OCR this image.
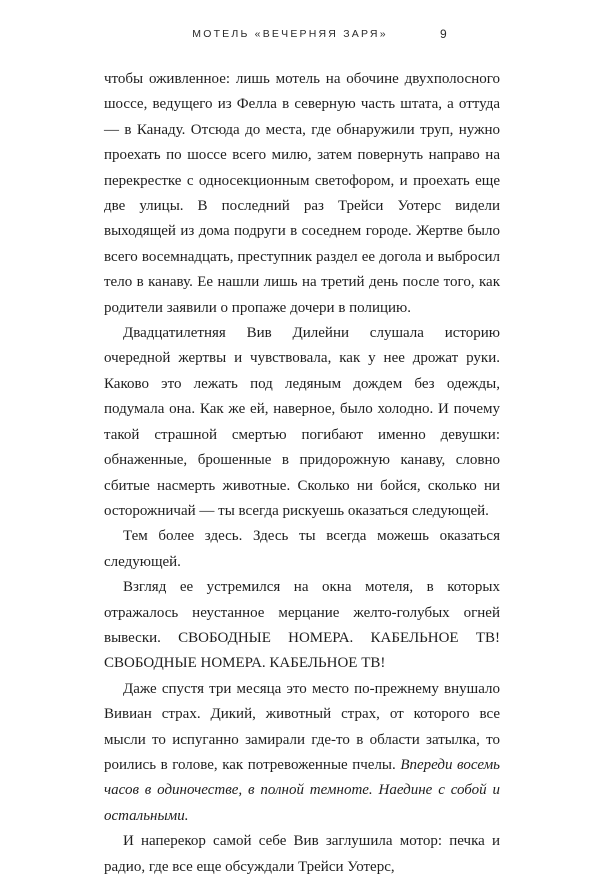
МОТЕЛЬ «ВЕЧЕРНЯЯ ЗАРЯ»	9

чтобы оживленное: лишь мотель на обочине двухполосного шоссе, ведущего из Фелла в северную часть штата, а оттуда — в Канаду. Отсюда до места, где обнаружили труп, нужно проехать по шоссе всего милю, затем повернуть направо на перекрестке с односекционным светофором, и проехать еще две улицы. В последний раз Трейси Уотерс видели выходящей из дома подруги в соседнем городе. Жертве было всего восемнадцать, преступник раздел ее догола и выбросил тело в канаву. Ее нашли лишь на третий день после того, как родители заявили о пропаже дочери в полицию.

Двадцатилетняя Вив Дилейни слушала историю очередной жертвы и чувствовала, как у нее дрожат руки. Каково это лежать под ледяным дождем без одежды, подумала она. Как же ей, наверное, было холодно. И почему такой страшной смертью погибают именно девушки: обнаженные, брошенные в придорожную канаву, словно сбитые насмерть животные. Сколько ни бойся, сколько ни осторожничай — ты всегда рискуешь оказаться следующей.

Тем более здесь. Здесь ты всегда можешь оказаться следующей.

Взгляд ее устремился на окна мотеля, в которых отражалось неустанное мерцание желто-голубых огней вывески. СВОБОДНЫЕ НОМЕРА. КАБЕЛЬНОЕ ТВ! СВОБОДНЫЕ НОМЕРА. КАБЕЛЬНОЕ ТВ!

Даже спустя три месяца это место по-прежнему внушало Вивиан страх. Дикий, животный страх, от которого все мысли то испуганно замирали где-то в области затылка, то роились в голове, как потревоженные пчелы. Впереди восемь часов в одиночестве, в полной темноте. Наедине с собой и остальными.

И наперекор самой себе Вив заглушила мотор: печка и радио, где все еще обсуждали Трейси Уотерс,
